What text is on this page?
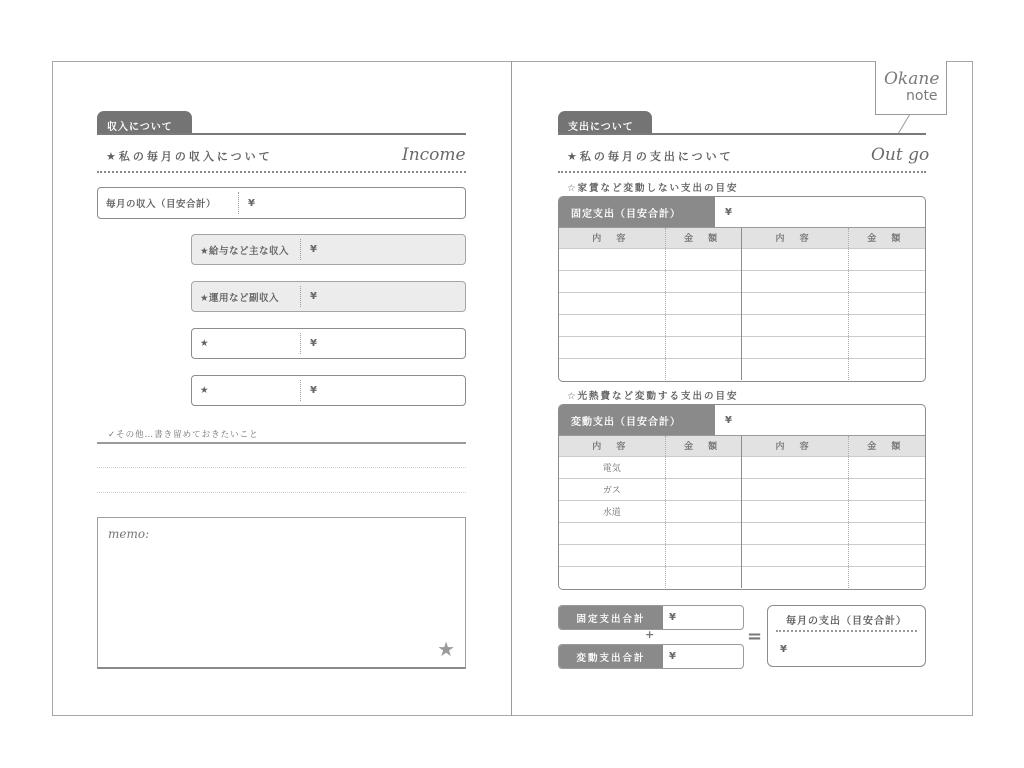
収入について
★私の毎月の収入について	Income
毎月の収入（目安合計）	¥
★給与など主な収入 ¥
★運用など副収入	¥
★	¥
★	¥
✓その他…書き留めておきたいこと
memo:
★
Okane
note
支出について
★私の毎月の支出について	Out go
☆家賃など変動しない支出の目安
固定支出（目安合計）	¥
内 容	金 額	内 容	金 額

☆光熱費など変動する支出の目安
変動支出（目安合計）	¥
内 容	金 額	内 容	金 額
電気			
ガス			
水道			

固定支出合計	¥
+
変動支出合計	¥
=
毎月の支出（目安合計）
¥
